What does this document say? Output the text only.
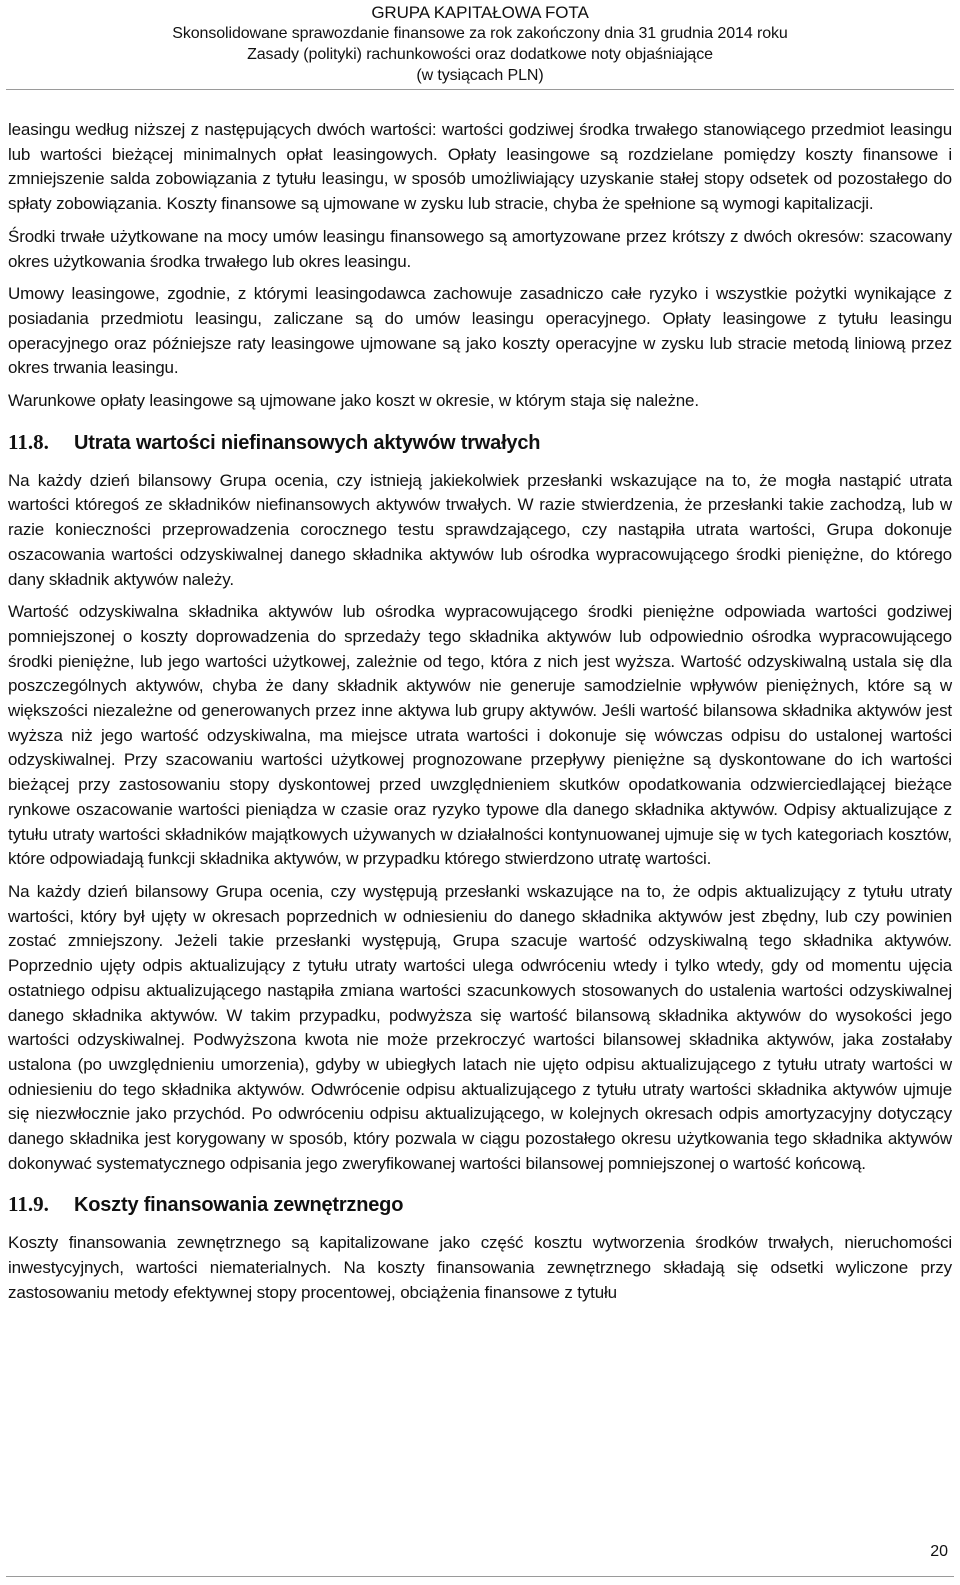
GRUPA KAPITAŁOWA FOTA
Skonsolidowane sprawozdanie finansowe za rok zakończony dnia 31 grudnia 2014 roku
Zasady (polityki) rachunkowości oraz dodatkowe noty objaśniające
(w tysiącach PLN)

leasingu według niższej z następujących dwóch wartości: wartości godziwej środka trwałego stanowiącego przedmiot leasingu lub wartości bieżącej minimalnych opłat leasingowych. Opłaty leasingowe są rozdzielane pomiędzy koszty finansowe i zmniejszenie salda zobowiązania z tytułu leasingu, w sposób umożliwiający uzyskanie stałej stopy odsetek od pozostałego do spłaty zobowiązania. Koszty finansowe są ujmowane w zysku lub stracie, chyba że spełnione są wymogi kapitalizacji.

Środki trwałe użytkowane na mocy umów leasingu finansowego są amortyzowane przez krótszy z dwóch okresów: szacowany okres użytkowania środka trwałego lub okres leasingu.

Umowy leasingowe, zgodnie, z którymi leasingodawca zachowuje zasadniczo całe ryzyko i wszystkie pożytki wynikające z posiadania przedmiotu leasingu, zaliczane są do umów leasingu operacyjnego. Opłaty leasingowe z tytułu leasingu operacyjnego oraz późniejsze raty leasingowe ujmowane są jako koszty operacyjne w zysku lub stracie metodą liniową przez okres trwania leasingu.

Warunkowe opłaty leasingowe są ujmowane jako koszt w okresie, w którym staja się należne.

11.8.	Utrata wartości niefinansowych aktywów trwałych

Na każdy dzień bilansowy Grupa ocenia, czy istnieją jakiekolwiek przesłanki wskazujące na to, że mogła nastąpić utrata wartości któregoś ze składników niefinansowych aktywów trwałych. W razie stwierdzenia, że przesłanki takie zachodzą, lub w razie konieczności przeprowadzenia corocznego testu sprawdzającego, czy nastąpiła utrata wartości, Grupa dokonuje oszacowania wartości odzyskiwalnej danego składnika aktywów lub ośrodka wypracowującego środki pieniężne, do którego dany składnik aktywów należy.

Wartość odzyskiwalna składnika aktywów lub ośrodka wypracowującego środki pieniężne odpowiada wartości godziwej pomniejszonej o koszty doprowadzenia do sprzedaży tego składnika aktywów lub odpowiednio ośrodka wypracowującego środki pieniężne, lub jego wartości użytkowej, zależnie od tego, która z nich jest wyższa. Wartość odzyskiwalną ustala się dla poszczególnych aktywów, chyba że dany składnik aktywów nie generuje samodzielnie wpływów pieniężnych, które są w większości niezależne od generowanych przez inne aktywa lub grupy aktywów. Jeśli wartość bilansowa składnika aktywów jest wyższa niż jego wartość odzyskiwalna, ma miejsce utrata wartości i dokonuje się wówczas odpisu do ustalonej wartości odzyskiwalnej. Przy szacowaniu wartości użytkowej prognozowane przepływy pieniężne są dyskontowane do ich wartości bieżącej przy zastosowaniu stopy dyskontowej przed uwzględnieniem skutków opodatkowania odzwierciedlającej bieżące rynkowe oszacowanie wartości pieniądza w czasie oraz ryzyko typowe dla danego składnika aktywów. Odpisy aktualizujące z tytułu utraty wartości składników majątkowych używanych w działalności kontynuowanej ujmuje się w tych kategoriach kosztów, które odpowiadają funkcji składnika aktywów, w przypadku którego stwierdzono utratę wartości.

Na każdy dzień bilansowy Grupa ocenia, czy występują przesłanki wskazujące na to, że odpis aktualizujący z tytułu utraty wartości, który był ujęty w okresach poprzednich w odniesieniu do danego składnika aktywów jest zbędny, lub czy powinien zostać zmniejszony. Jeżeli takie przesłanki występują, Grupa szacuje wartość odzyskiwalną tego składnika aktywów. Poprzednio ujęty odpis aktualizujący z tytułu utraty wartości ulega odwróceniu wtedy i tylko wtedy, gdy od momentu ujęcia ostatniego odpisu aktualizującego nastąpiła zmiana wartości szacunkowych stosowanych do ustalenia wartości odzyskiwalnej danego składnika aktywów. W takim przypadku, podwyższa się wartość bilansową składnika aktywów do wysokości jego wartości odzyskiwalnej. Podwyższona kwota nie może przekroczyć wartości bilansowej składnika aktywów, jaka zostałaby ustalona (po uwzględnieniu umorzenia), gdyby w ubiegłych latach nie ujęto odpisu aktualizującego z tytułu utraty wartości w odniesieniu do tego składnika aktywów. Odwrócenie odpisu aktualizującego z tytułu utraty wartości składnika aktywów ujmuje się niezwłocznie jako przychód. Po odwróceniu odpisu aktualizującego, w kolejnych okresach odpis amortyzacyjny dotyczący danego składnika jest korygowany w sposób, który pozwala w ciągu pozostałego okresu użytkowania tego składnika aktywów dokonywać systematycznego odpisania jego zweryfikowanej wartości bilansowej pomniejszonej o wartość końcową.

11.9.	Koszty finansowania zewnętrznego

Koszty finansowania zewnętrznego są kapitalizowane jako część kosztu wytworzenia środków trwałych, nieruchomości inwestycyjnych, wartości niematerialnych. Na koszty finansowania zewnętrznego składają się odsetki wyliczone przy zastosowaniu metody efektywnej stopy procentowej, obciążenia finansowe z tytułu

20
